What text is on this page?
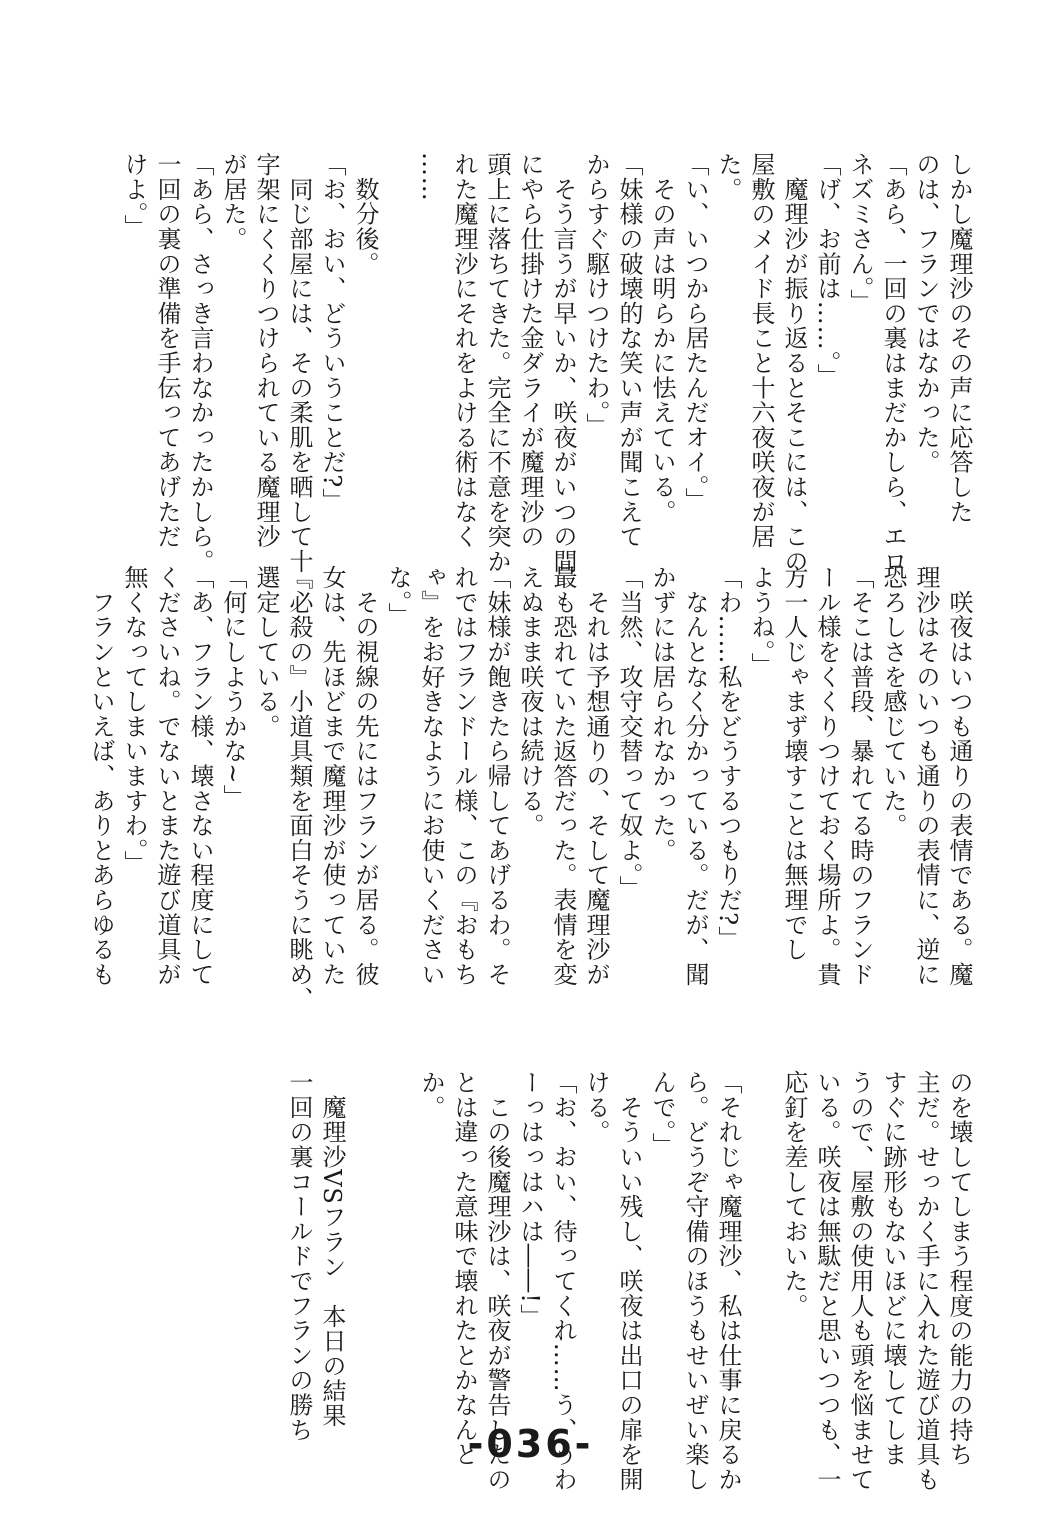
しかし魔理沙のその声に応答した

のは、フランではなかった。

「あら、一回の裏はまだかしら、エロ

ネズミさん。」

「げ、お前は……。」

　魔理沙が振り返るとそこには、この

屋敷のメイド長こと十六夜咲夜が居

た。

「い、いつから居たんだオイ。」

　その声は明らかに怯えている。

「妹様の破壊的な笑い声が聞こえて

からすぐ駆けつけたわ。」

　そう言うが早いか、咲夜がいつの間

にやら仕掛けた金ダライが魔理沙の

頭上に落ちてきた。完全に不意を突か

れた魔理沙にそれをよける術はなく

……

　数分後。

「お、おい、どういうことだ?」

　同じ部屋には、その柔肌を晒して十

字架にくくりつけられている魔理沙

が居た。

「あら、さっき言わなかったかしら。

一回の裏の準備を手伝ってあげただ

けよ。」

　咲夜はいつも通りの表情である。魔

理沙はそのいつも通りの表情に、逆に

恐ろしさを感じていた。

「そこは普段、暴れてる時のフランド

ール様をくくりつけておく場所よ。貴

方一人じゃまず壊すことは無理でし

ようね。」

「わ……私をどうするつもりだ?」

　なんとなく分かっている。だが、聞

かずには居られなかった。

「当然、攻守交替って奴よ。」

　それは予想通りの、そして魔理沙が

最も恐れていた返答だった。表情を変

えぬまま咲夜は続ける。

「妹様が飽きたら帰してあげるわ。そ

れではフランドール様、この『おもち

ゃ』をお好きなようにお使いください

な。」

　その視線の先にはフランが居る。彼

女は、先ほどまで魔理沙が使っていた

『必殺の』小道具類を面白そうに眺め、

選定している。

「何にしようかな~」

「あ、フラン様、壊さない程度にして

くださいね。でないとまた遊び道具が

無くなってしまいますわ。」

　フランといえば、ありとあらゆるも

のを壊してしまう程度の能力の持ち

主だ。せっかく手に入れた遊び道具も

すぐに跡形もないほどに壊してしま

うので、屋敷の使用人も頭を悩ませて

いる。咲夜は無駄だと思いつつも、一

応釘を差しておいた。

「それじゃ魔理沙、私は仕事に戻るか

ら。どうぞ守備のほうもせいぜい楽し

んで。」

　そういい残し、咲夜は出口の扉を開

ける。

「お、おい、待ってくれ……う、うわ

ーっはっはハは――!」

　この後魔理沙は、咲夜が警告したの

とは違った意味で壊れたとかなんと

か。

　魔理沙VSフラン　本日の結果

一回の裏コールドでフランの勝ち

-036-
